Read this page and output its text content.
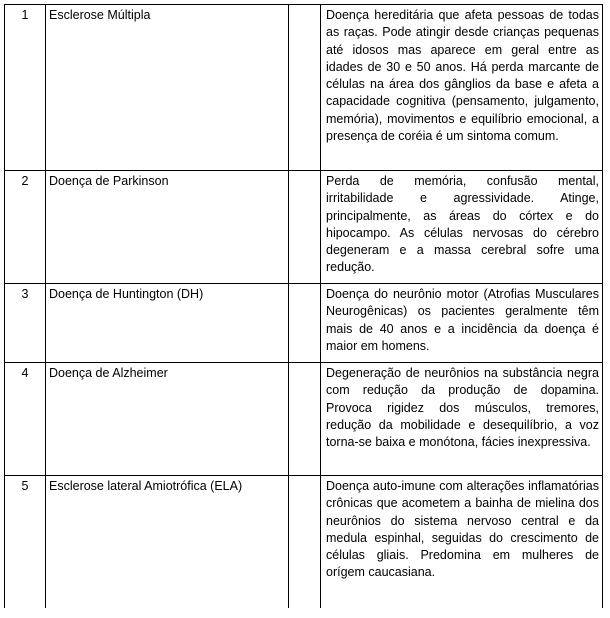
1	Esclerose Múltipla		Doença hereditária que afeta pessoas de todas as raças. Pode atingir desde crianças pequenas até idosos mas aparece em geral entre as idades de 30 e 50 anos. Há perda marcante de células na área dos gânglios da base e afeta a capacidade cognitiva (pensamento, julgamento, memória), movimentos e equilíbrio emocional, a presença de coréia é um sintoma comum.
2	Doença de Parkinson		Perda de memória, confusão mental, irritabilidade e agressividade. Atinge, principalmente, as áreas do córtex e do hipocampo. As células nervosas do cérebro degeneram e a massa cerebral sofre uma redução.
3	Doença de Huntington (DH)		Doença do neurônio motor (Atrofias Musculares Neurogênicas) os pacientes geralmente têm mais de 40 anos e a incidência da doença é maior em homens.
4	Doença de Alzheimer		Degeneração de neurônios na substância negra com redução da produção de dopamina. Provoca rigidez dos músculos, tremores, redução da mobilidade e desequilíbrio, a voz torna-se baixa e monótona, fácies inexpressiva.
5	Esclerose lateral Amiotrófica (ELA)		Doença auto-imune com alterações inflamatórias crônicas que acometem a bainha de mielina dos neurônios do sistema nervoso central e da medula espinhal, seguidas do crescimento de células gliais. Predomina em mulheres de orígem caucasiana.
